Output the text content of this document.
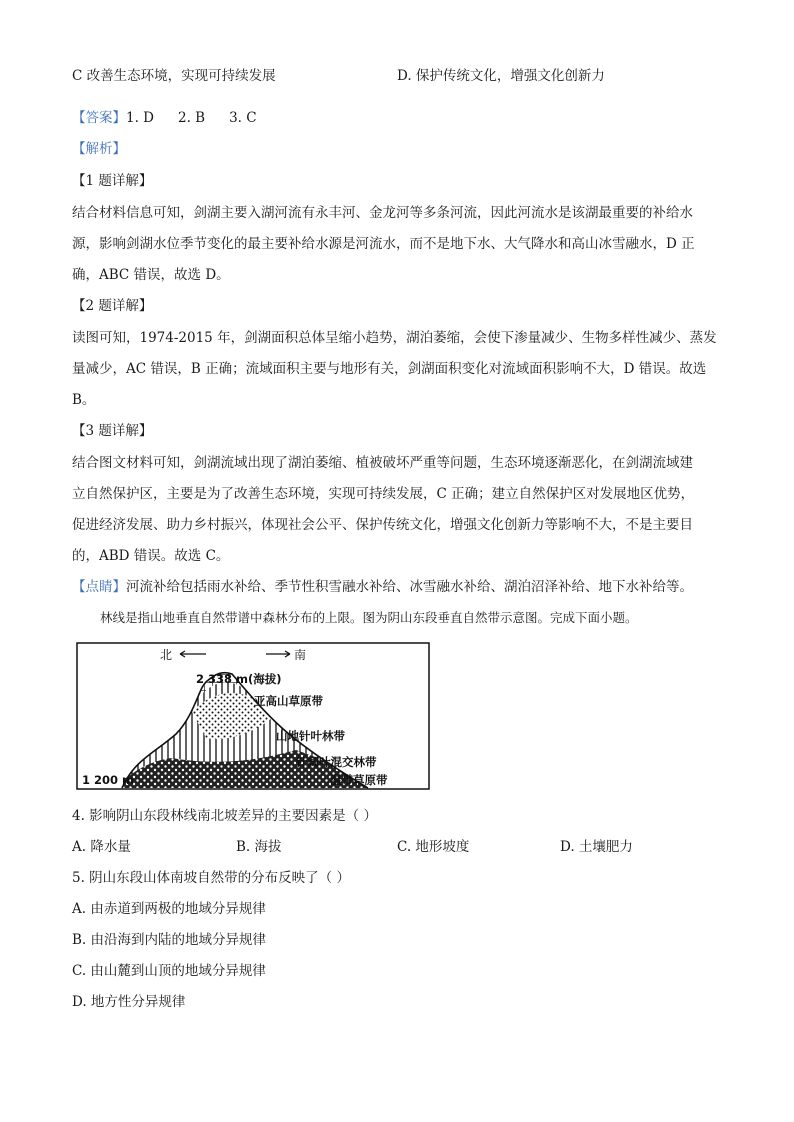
C 改善生态环境，实现可持续发展	D. 保护传统文化，增强文化创新力
【答案】1. D 2. B 3. C
【解析】
【1 题详解】
结合材料信息可知，剑湖主要入湖河流有永丰河、金龙河等多条河流，因此河流水是该湖最重要的补给水
源，影响剑湖水位季节变化的最主要补给水源是河流水，而不是地下水、大气降水和高山冰雪融水，D 正
确，ABC 错误，故选 D。
【2 题详解】
读图可知，1974-2015 年，剑湖面积总体呈缩小趋势，湖泊萎缩，会使下渗量减少、生物多样性减少、蒸发
量减少，AC 错误，B 正确；流域面积主要与地形有关，剑湖面积变化对流域面积影响不大，D 错误。故选
B。
【3 题详解】
结合图文材料可知，剑湖流域出现了湖泊萎缩、植被破坏严重等问题，生态环境逐渐恶化，在剑湖流域建
立自然保护区，主要是为了改善生态环境，实现可持续发展，C 正确；建立自然保护区对发展地区优势，
促进经济发展、助力乡村振兴，体现社会公平、保护传统文化，增强文化创新力等影响不大，不是主要目
的，ABD 错误。故选 C。
【点睛】河流补给包括雨水补给、季节性积雪融水补给、冰雪融水补给、湖泊沼泽补给、地下水补给等。
林线是指山地垂直自然带谱中森林分布的上限。图为阴山东段垂直自然带示意图。完成下面小题。
北	南
2 338 m(海拔)
亚高山草原带
山地针叶林带
针阔叶混交林带
温带草原带
1 200 m
4. 影响阴山东段林线南北坡差异的主要因素是（ ）
A. 降水量	B. 海拔	C. 地形坡度	D. 土壤肥力
5. 阴山东段山体南坡自然带的分布反映了（ ）
A. 由赤道到两极的地域分异规律
B. 由沿海到内陆的地域分异规律
C. 由山麓到山顶的地域分异规律
D. 地方性分异规律
